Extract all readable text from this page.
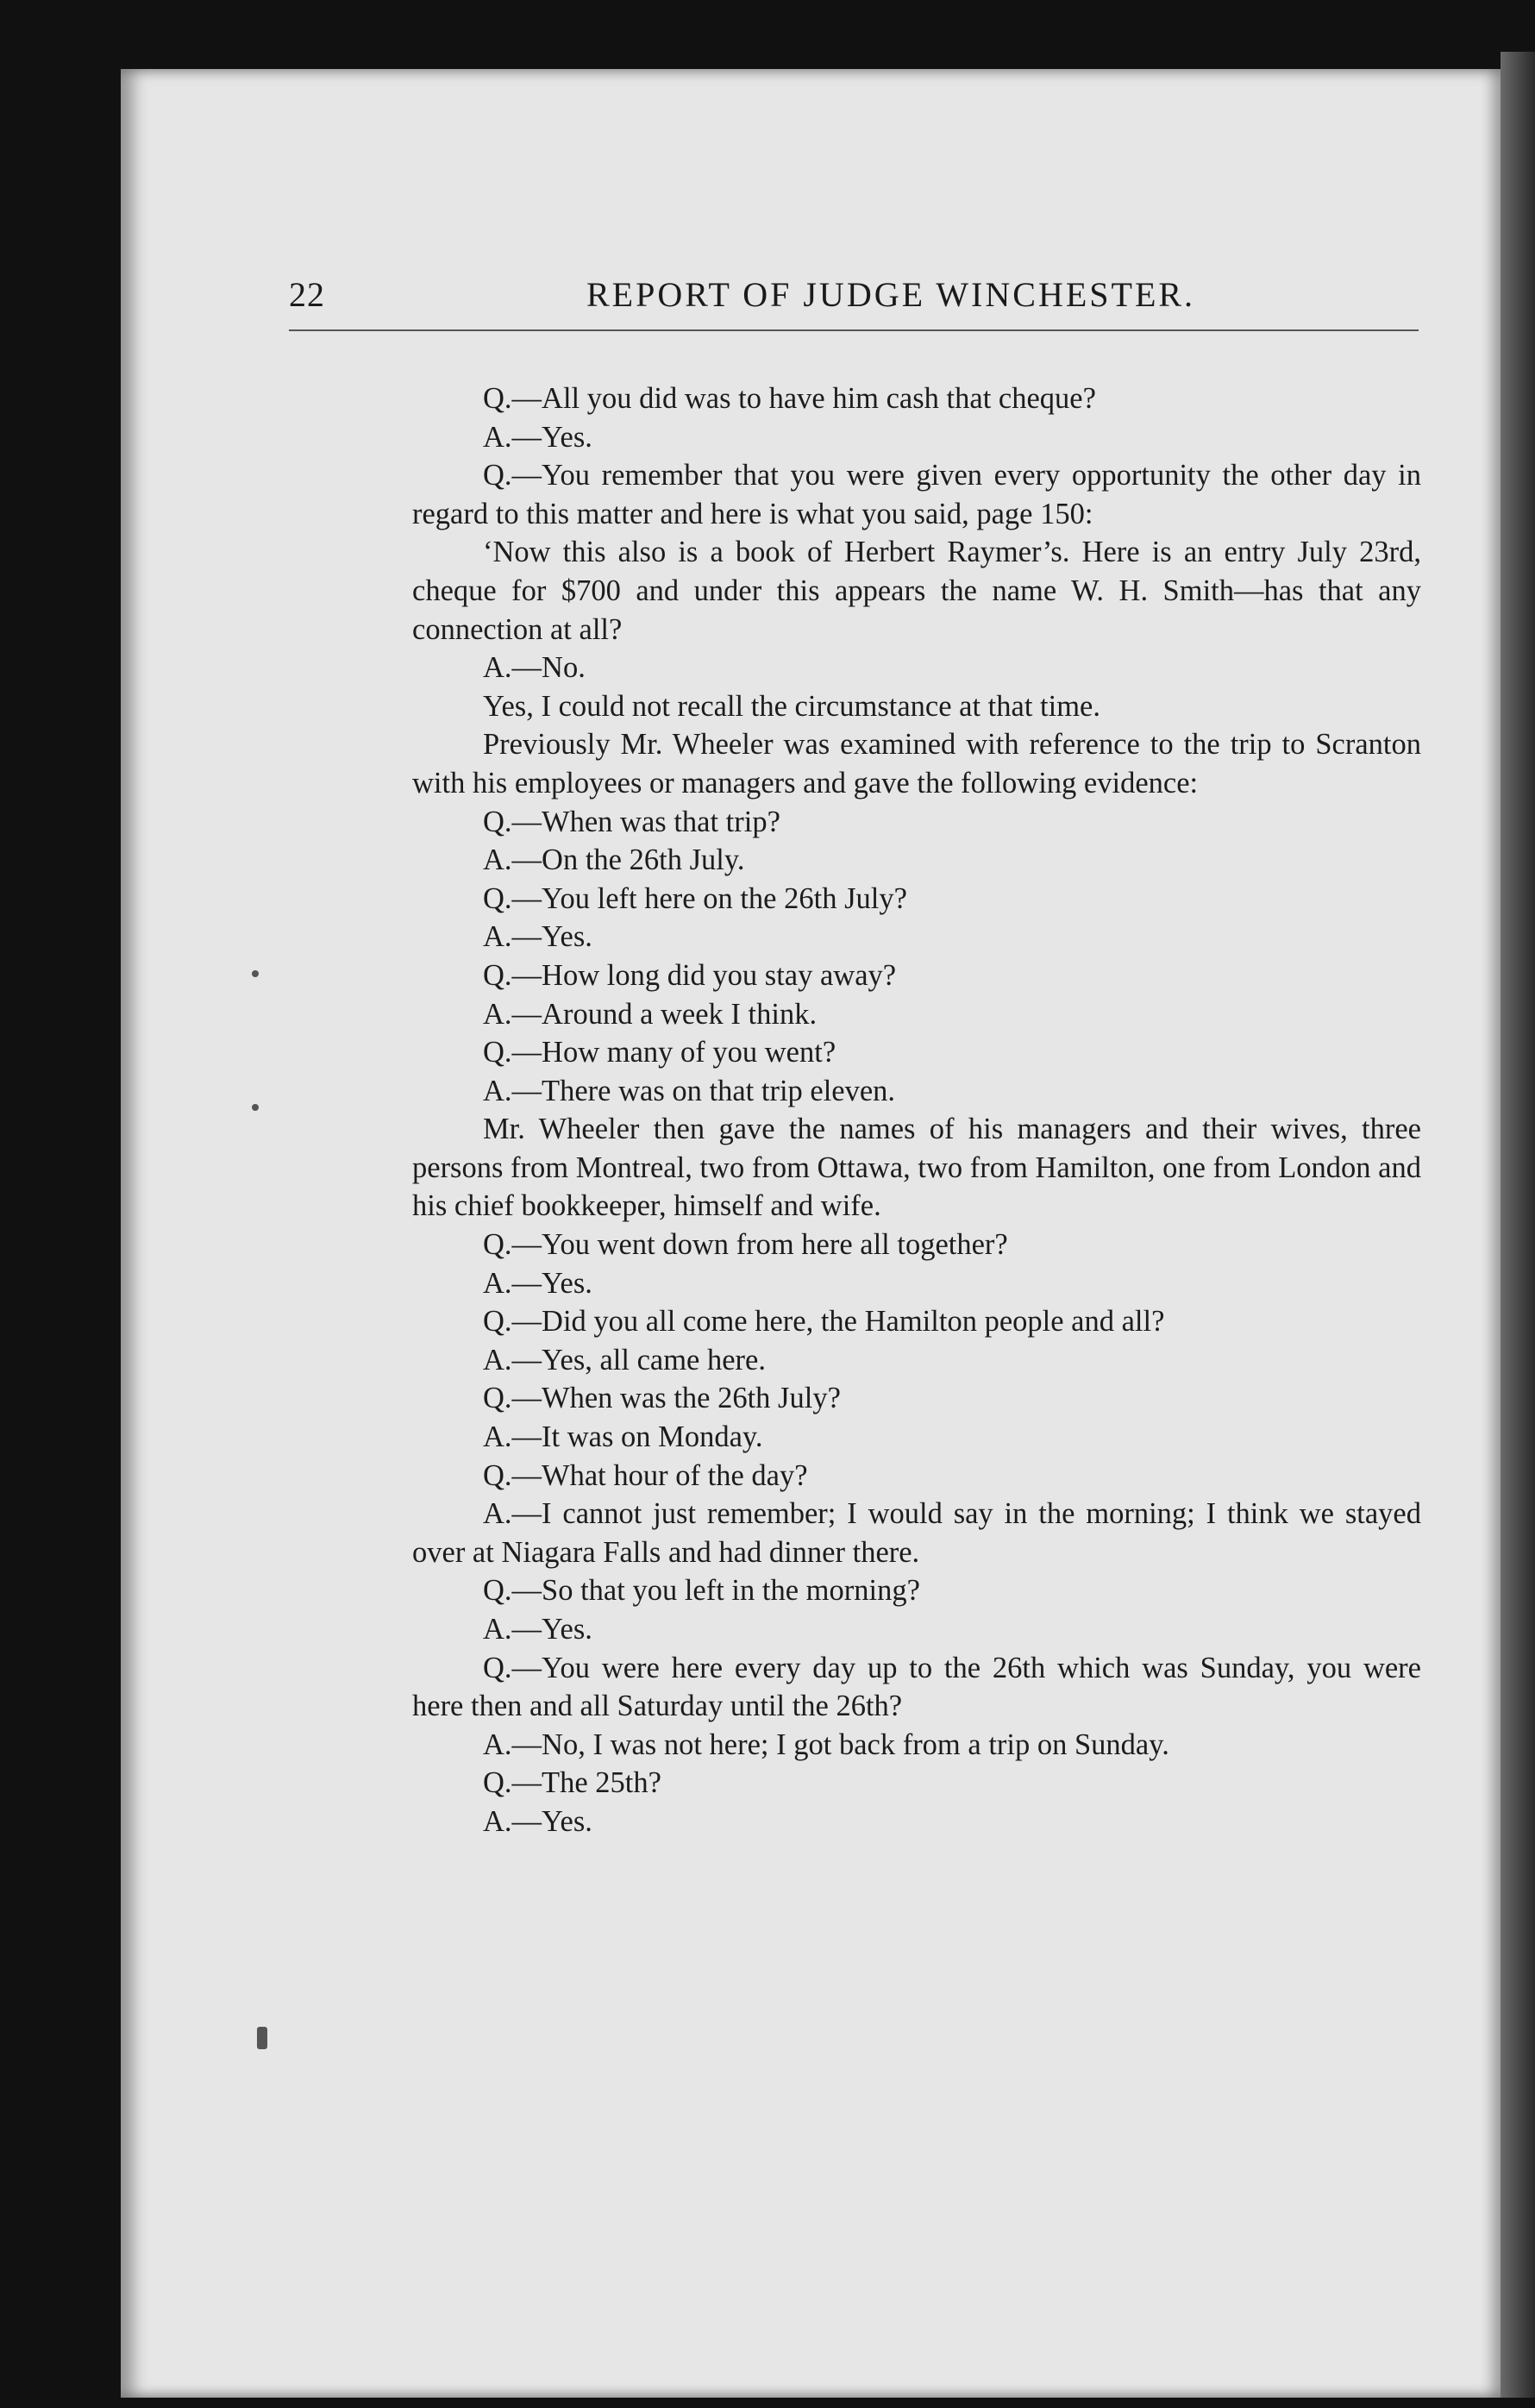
22	REPORT OF JUDGE WINCHESTER.

Q.—All you did was to have him cash that cheque?

A.—Yes.

Q.—You remember that you were given every opportunity the other day in regard to this matter and here is what you said, page 150:

‘Now this also is a book of Herbert Raymer’s. Here is an entry July 23rd, cheque for $700 and under this appears the name W. H. Smith—has that any connection at all?

A.—No.

Yes, I could not recall the circumstance at that time.

Previously Mr. Wheeler was examined with reference to the trip to Scranton with his employees or managers and gave the following evidence:

Q.—When was that trip?

A.—On the 26th July.

Q.—You left here on the 26th July?

A.—Yes.

Q.—How long did you stay away?

A.—Around a week I think.

Q.—How many of you went?

A.—There was on that trip eleven.

Mr. Wheeler then gave the names of his managers and their wives, three persons from Montreal, two from Ottawa, two from Hamilton, one from London and his chief bookkeeper, himself and wife.

Q.—You went down from here all together?

A.—Yes.

Q.—Did you all come here, the Hamilton people and all?

A.—Yes, all came here.

Q.—When was the 26th July?

A.—It was on Monday.

Q.—What hour of the day?

A.—I cannot just remember; I would say in the morning; I think we stayed over at Niagara Falls and had dinner there.

Q.—So that you left in the morning?

A.—Yes.

Q.—You were here every day up to the 26th which was Sunday, you were here then and all Saturday until the 26th?

A.—No, I was not here; I got back from a trip on Sunday.

Q.—The 25th?

A.—Yes.
